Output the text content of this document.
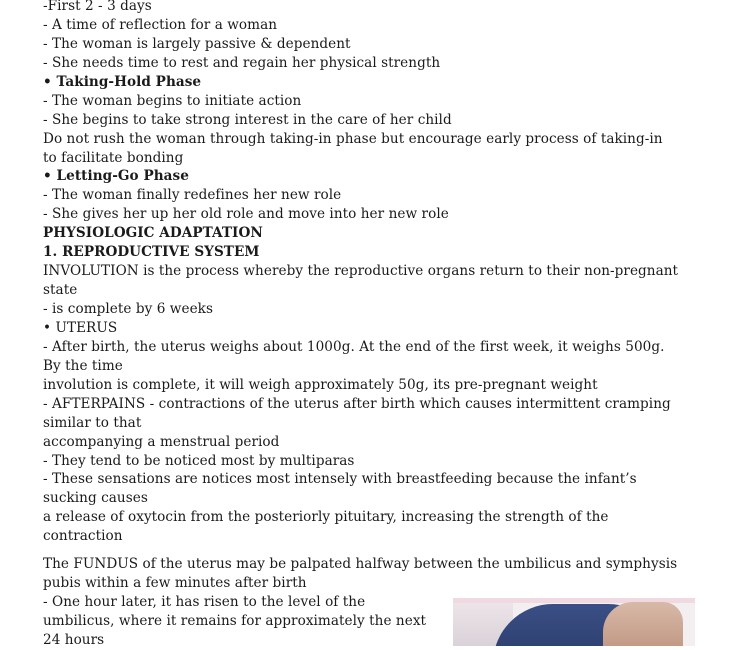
-First 2 - 3 days
- A time of reflection for a woman
- The woman is largely passive & dependent
- She needs time to rest and regain her physical strength
• Taking-Hold Phase
- The woman begins to initiate action
- She begins to take strong interest in the care of her child
Do not rush the woman through taking-in phase but encourage early process of taking-in
to facilitate bonding
• Letting-Go Phase
- The woman finally redefines her new role
- She gives her up her old role and move into her new role
PHYSIOLOGIC ADAPTATION
1. REPRODUCTIVE SYSTEM
INVOLUTION is the process whereby the reproductive organs return to their non-pregnant
state
- is complete by 6 weeks
• UTERUS
- After birth, the uterus weighs about 1000g. At the end of the first week, it weighs 500g.
By the time
involution is complete, it will weigh approximately 50g, its pre-pregnant weight
- AFTERPAINS - contractions of the uterus after birth which causes intermittent cramping
similar to that
accompanying a menstrual period
- They tend to be noticed most by multiparas
- These sensations are notices most intensely with breastfeeding because the infant’s
sucking causes
a release of oxytocin from the posteriorly pituitary, increasing the strength of the
contraction
The FUNDUS of the uterus may be palpated halfway between the umbilicus and symphysis
pubis within a few minutes after birth
- One hour later, it has risen to the level of the
umbilicus, where it remains for approximately the next
24 hours
